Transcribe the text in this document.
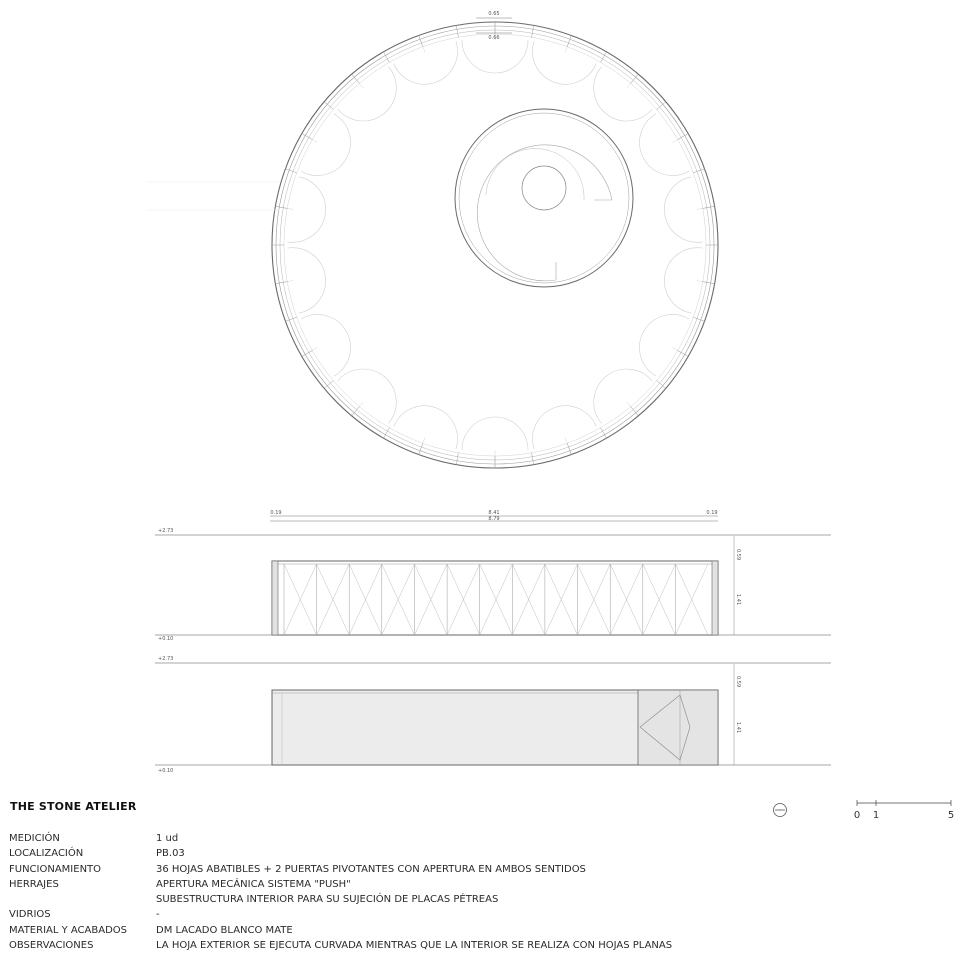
0.65
0.66
0.19	8.41
8.79
0.19
+2.73
+0.10
0.59
1.41
+2.73
+0.10
0.59
1.41
0 1	5
THE STONE ATELIER
MEDICIÓN	1 ud
LOCALIZACIÓN	PB.03
FUNCIONAMIENTO	36 HOJAS ABATIBLES + 2 PUERTAS PIVOTANTES CON APERTURA EN AMBOS SENTIDOS
HERRAJES	APERTURA MECÁNICA SISTEMA "PUSH"
SUBESTRUCTURA INTERIOR PARA SU SUJECIÓN DE PLACAS PÉTREAS
VIDRIOS	-
MATERIAL Y ACABADOS	DM LACADO BLANCO MATE
OBSERVACIONES	LA HOJA EXTERIOR SE EJECUTA CURVADA MIENTRAS QUE LA INTERIOR SE REALIZA CON HOJAS PLANAS
